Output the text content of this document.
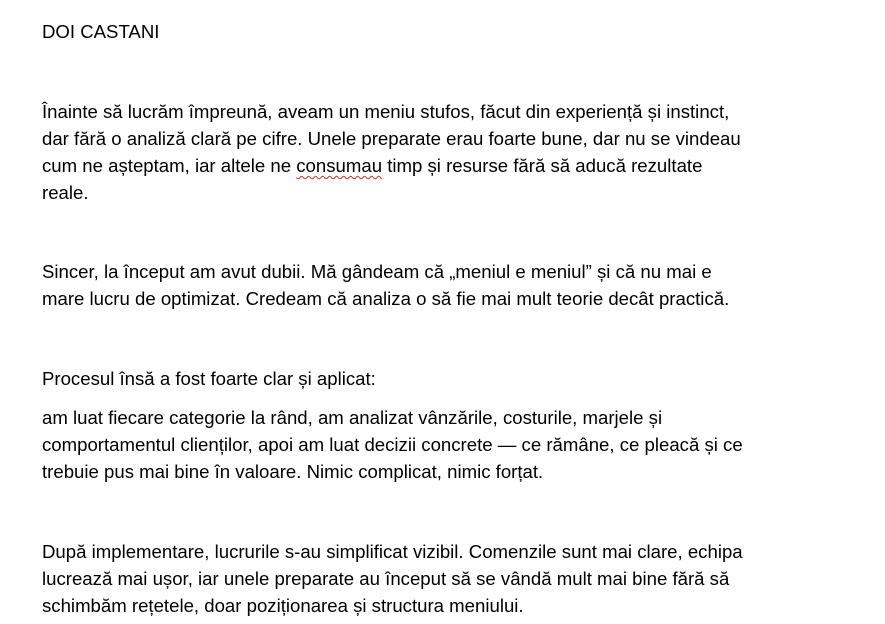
DOI CASTANI
Înainte să lucrăm împreună, aveam un meniu stufos, făcut din experiență și instinct,
dar fără o analiză clară pe cifre. Unele preparate erau foarte bune, dar nu se vindeau
cum ne așteptam, iar altele ne consumau timp și resurse fără să aducă rezultate
reale.
Sincer, la început am avut dubii. Mă gândeam că „meniul e meniul” și că nu mai e
mare lucru de optimizat. Credeam că analiza o să fie mai mult teorie decât practică.
Procesul însă a fost foarte clar și aplicat:
am luat fiecare categorie la rând, am analizat vânzările, costurile, marjele și
comportamentul clienților, apoi am luat decizii concrete — ce rămâne, ce pleacă și ce
trebuie pus mai bine în valoare. Nimic complicat, nimic forțat.
După implementare, lucrurile s-au simplificat vizibil. Comenzile sunt mai clare, echipa
lucrează mai ușor, iar unele preparate au început să se vândă mult mai bine fără să
schimbăm rețetele, doar poziționarea și structura meniului.
